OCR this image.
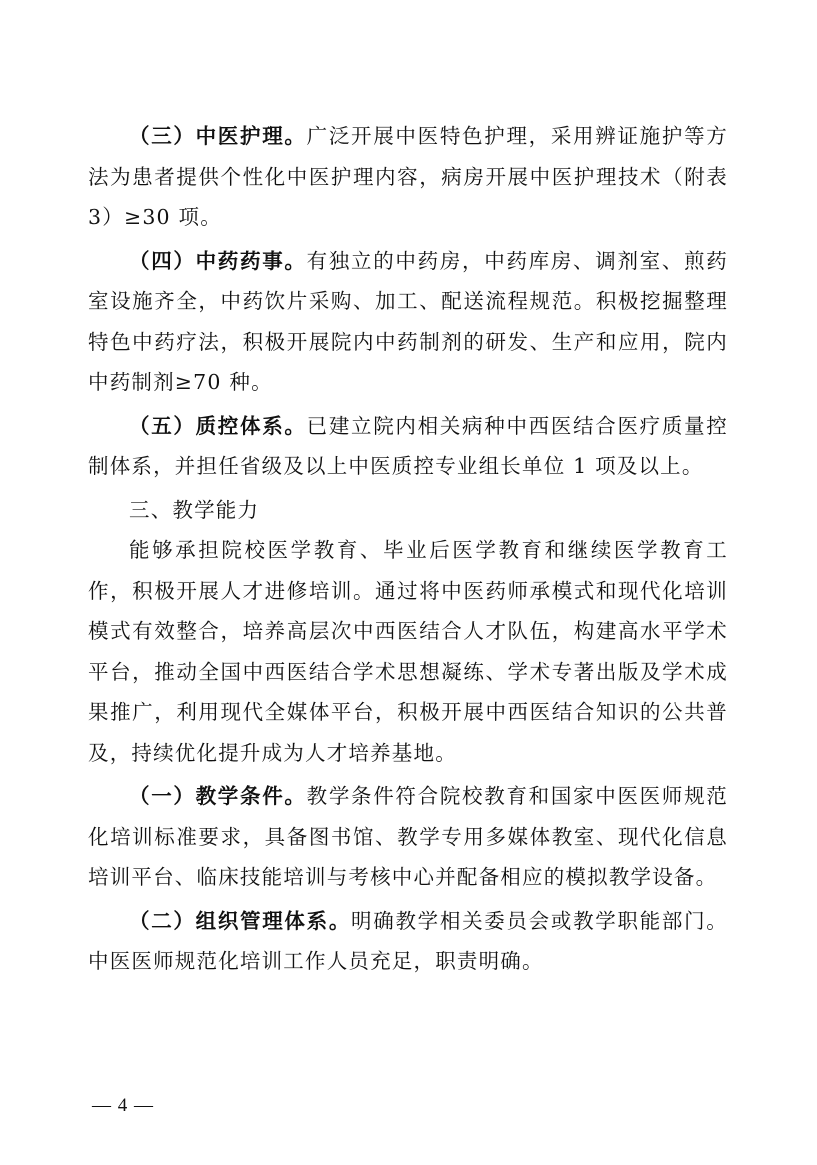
（三）中医护理。广泛开展中医特色护理，采用辨证施护等方法为患者提供个性化中医护理内容，病房开展中医护理技术（附表 3）≥30 项。

（四）中药药事。有独立的中药房，中药库房、调剂室、煎药室设施齐全，中药饮片采购、加工、配送流程规范。积极挖掘整理特色中药疗法，积极开展院内中药制剂的研发、生产和应用，院内中药制剂≥70 种。

（五）质控体系。已建立院内相关病种中西医结合医疗质量控制体系，并担任省级及以上中医质控专业组长单位 1 项及以上。

三、教学能力

能够承担院校医学教育、毕业后医学教育和继续医学教育工作，积极开展人才进修培训。通过将中医药师承模式和现代化培训模式有效整合，培养高层次中西医结合人才队伍，构建高水平学术平台，推动全国中西医结合学术思想凝练、学术专著出版及学术成果推广，利用现代全媒体平台，积极开展中西医结合知识的公共普及，持续优化提升成为人才培养基地。

（一）教学条件。教学条件符合院校教育和国家中医医师规范化培训标准要求，具备图书馆、教学专用多媒体教室、现代化信息培训平台、临床技能培训与考核中心并配备相应的模拟教学设备。

（二）组织管理体系。明确教学相关委员会或教学职能部门。中医医师规范化培训工作人员充足，职责明确。

— 4 —
